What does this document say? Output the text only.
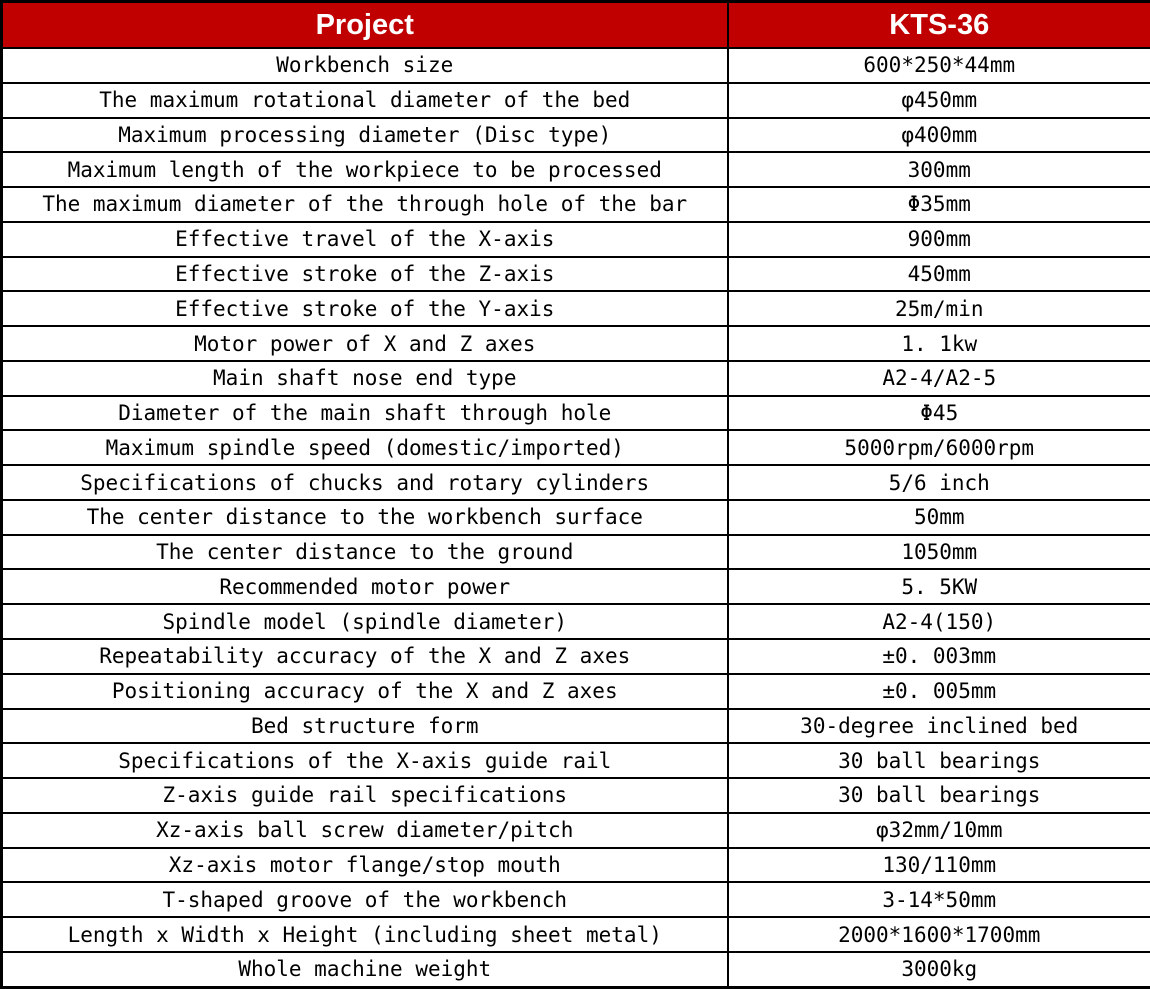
Project	KTS-36
Workbench size	600*250*44mm
The maximum rotational diameter of the bed	φ450mm
Maximum processing diameter (Disc type)	φ400mm
Maximum length of the workpiece to be processed	300mm
The maximum diameter of the through hole of the bar	Φ35mm
Effective travel of the X-axis	900mm
Effective stroke of the Z-axis	450mm
Effective stroke of the Y-axis	25m/min
Motor power of X and Z axes	1. 1kw
Main shaft nose end type	A2-4/A2-5
Diameter of the main shaft through hole	Φ45
Maximum spindle speed (domestic/imported)	5000rpm/6000rpm
Specifications of chucks and rotary cylinders	5/6 inch
The center distance to the workbench surface	50mm
The center distance to the ground	1050mm
Recommended motor power	5. 5KW
Spindle model (spindle diameter)	A2-4(150)
Repeatability accuracy of the X and Z axes	±0. 003mm
Positioning accuracy of the X and Z axes	±0. 005mm
Bed structure form	30-degree inclined bed
Specifications of the X-axis guide rail	30 ball bearings
Z-axis guide rail specifications	30 ball bearings
Xz-axis ball screw diameter/pitch	φ32mm/10mm
Xz-axis motor flange/stop mouth	130/110mm
T-shaped groove of the workbench	3-14*50mm
Length x Width x Height (including sheet metal)	2000*1600*1700mm
Whole machine weight	3000kg
